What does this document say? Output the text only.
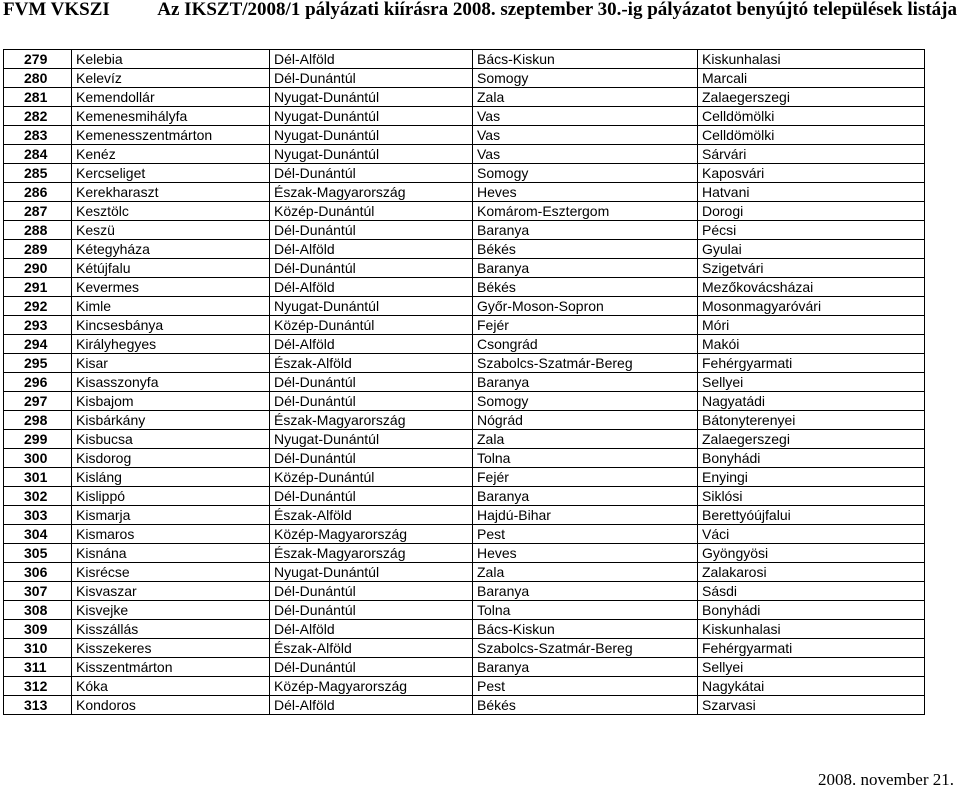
FVM VKSZI Az IKSZT/2008/1 pályázati kiírásra 2008. szeptember 30.-ig pályázatot benyújtó települések listája
279	Kelebia	Dél-Alföld	Bács-Kiskun	Kiskunhalasi
280	Kelevíz	Dél-Dunántúl	Somogy	Marcali
281	Kemendollár	Nyugat-Dunántúl	Zala	Zalaegerszegi
282	Kemenesmihályfa	Nyugat-Dunántúl	Vas	Celldömölki
283	Kemenesszentmárton	Nyugat-Dunántúl	Vas	Celldömölki
284	Kenéz	Nyugat-Dunántúl	Vas	Sárvári
285	Kercseliget	Dél-Dunántúl	Somogy	Kaposvári
286	Kerekharaszt	Észak-Magyarország	Heves	Hatvani
287	Kesztölc	Közép-Dunántúl	Komárom-Esztergom	Dorogi
288	Keszü	Dél-Dunántúl	Baranya	Pécsi
289	Kétegyháza	Dél-Alföld	Békés	Gyulai
290	Kétújfalu	Dél-Dunántúl	Baranya	Szigetvári
291	Kevermes	Dél-Alföld	Békés	Mezőkovácsházai
292	Kimle	Nyugat-Dunántúl	Győr-Moson-Sopron	Mosonmagyaróvári
293	Kincsesbánya	Közép-Dunántúl	Fejér	Móri
294	Királyhegyes	Dél-Alföld	Csongrád	Makói
295	Kisar	Észak-Alföld	Szabolcs-Szatmár-Bereg	Fehérgyarmati
296	Kisasszonyfa	Dél-Dunántúl	Baranya	Sellyei
297	Kisbajom	Dél-Dunántúl	Somogy	Nagyatádi
298	Kisbárkány	Észak-Magyarország	Nógrád	Bátonyterenyei
299	Kisbucsa	Nyugat-Dunántúl	Zala	Zalaegerszegi
300	Kisdorog	Dél-Dunántúl	Tolna	Bonyhádi
301	Kisláng	Közép-Dunántúl	Fejér	Enyingi
302	Kislippó	Dél-Dunántúl	Baranya	Siklósi
303	Kismarja	Észak-Alföld	Hajdú-Bihar	Berettyóújfalui
304	Kismaros	Közép-Magyarország	Pest	Váci
305	Kisnána	Észak-Magyarország	Heves	Gyöngyösi
306	Kisrécse	Nyugat-Dunántúl	Zala	Zalakarosi
307	Kisvaszar	Dél-Dunántúl	Baranya	Sásdi
308	Kisvejke	Dél-Dunántúl	Tolna	Bonyhádi
309	Kisszállás	Dél-Alföld	Bács-Kiskun	Kiskunhalasi
310	Kisszekeres	Észak-Alföld	Szabolcs-Szatmár-Bereg	Fehérgyarmati
311	Kisszentmárton	Dél-Dunántúl	Baranya	Sellyei
312	Kóka	Közép-Magyarország	Pest	Nagykátai
313	Kondoros	Dél-Alföld	Békés	Szarvasi
2008. november 21.
